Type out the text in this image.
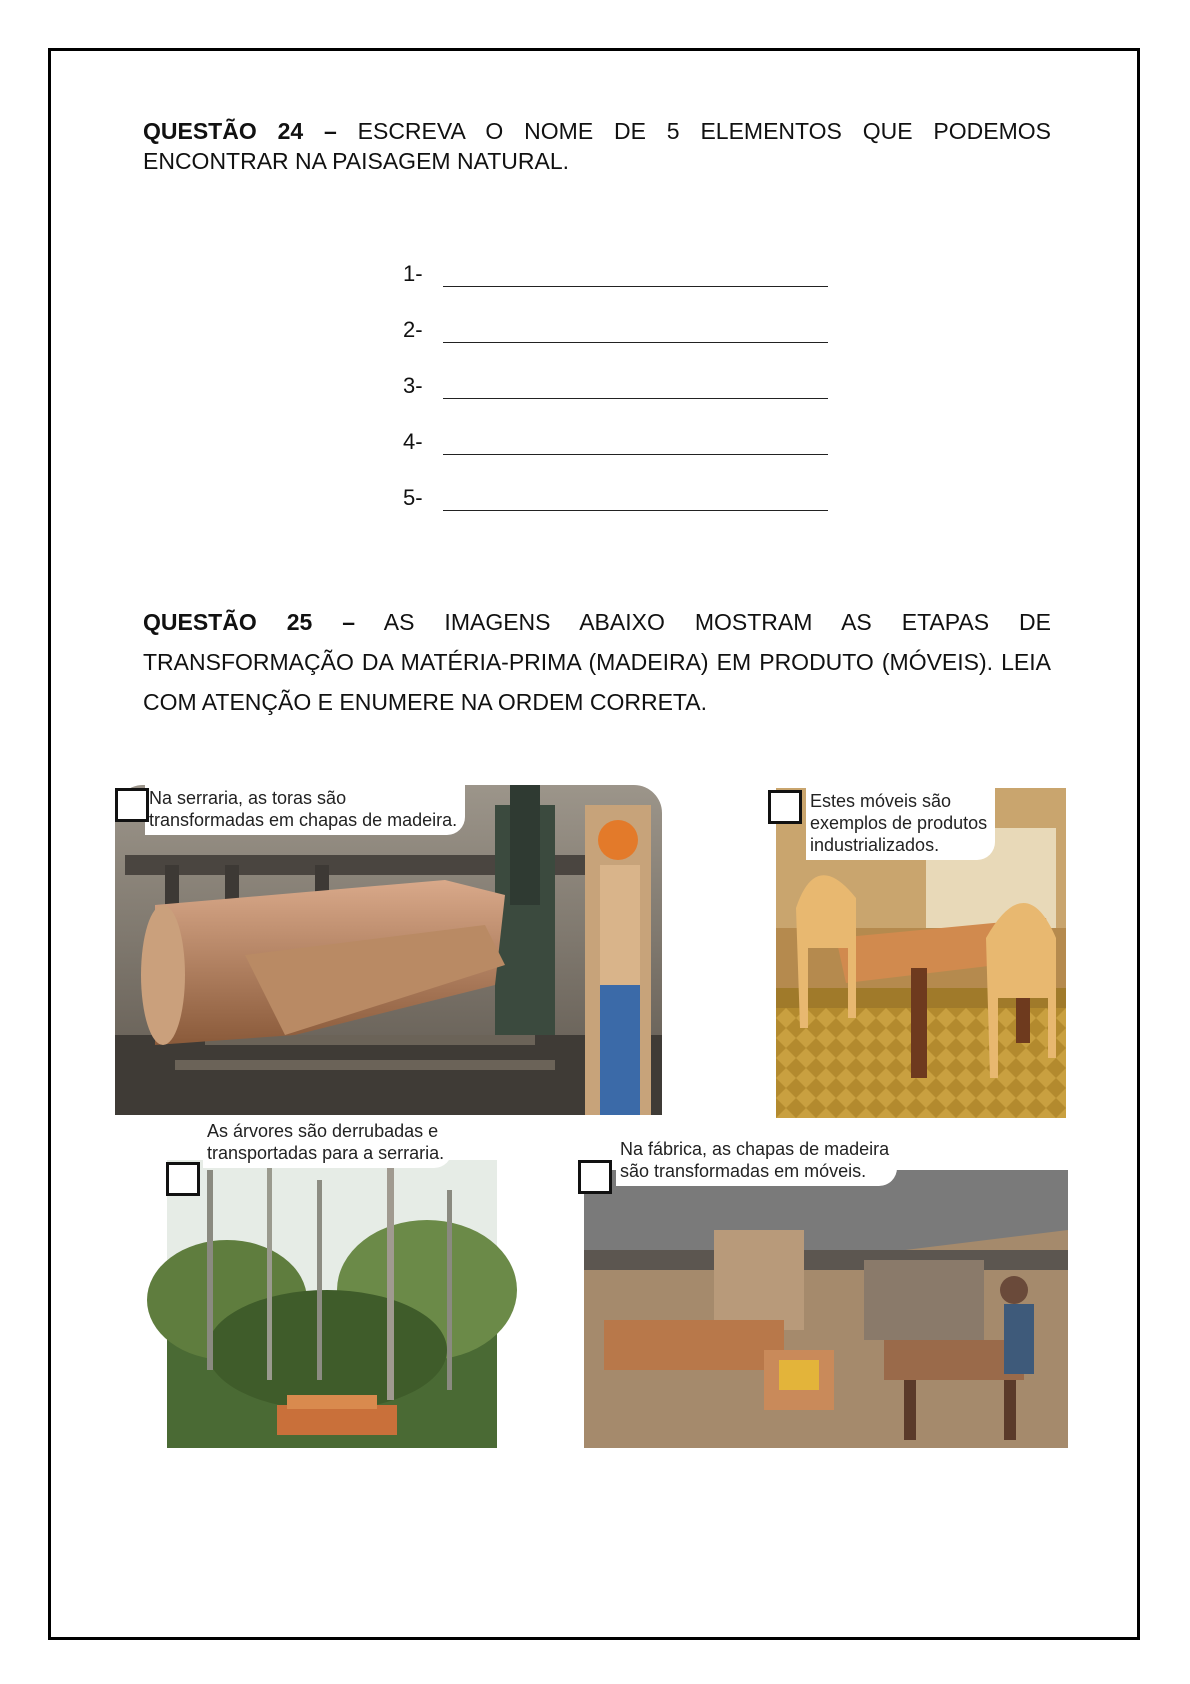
QUESTÃO 24 – ESCREVA O NOME DE 5 ELEMENTOS QUE PODEMOS ENCONTRAR NA PAISAGEM NATURAL.
1-
2-
3-
4-
5-
QUESTÃO 25 – AS IMAGENS ABAIXO MOSTRAM AS ETAPAS DE TRANSFORMAÇÃO DA MATÉRIA-PRIMA (MADEIRA) EM PRODUTO (MÓVEIS). LEIA COM ATENÇÃO E ENUMERE NA ORDEM CORRETA.
Na serraria, as toras são
transformadas em chapas de madeira.
Estes móveis são
exemplos de produtos
industrializados.
As árvores são derrubadas e
transportadas para a serraria.	Na fábrica, as chapas de madeira
são transformadas em móveis.
